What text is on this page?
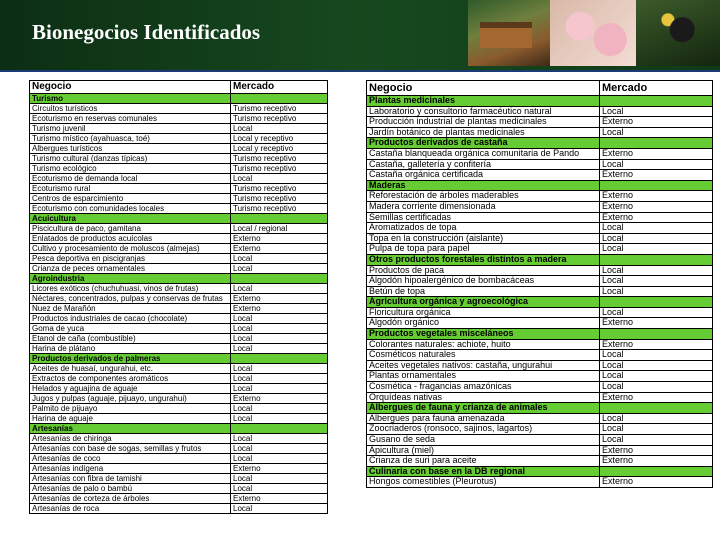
Bionegocios Identificados
Negocio	Mercado
Turismo	
Circuitos turísticos	Turismo receptivo
Ecoturismo en reservas comunales	Turismo receptivo
Turismo juvenil	Local
Turismo místico (ayahuasca, toé)	Local y receptivo
Albergues turísticos	Local y receptivo
Turismo cultural (danzas típicas)	Turismo receptivo
Turismo ecológico	Turismo receptivo
Ecoturismo de demanda local	Local
Ecoturismo rural	Turismo receptivo
Centros de esparcimiento	Turismo receptivo
Ecoturismo con comunidades locales	Turismo receptivo
Acuicultura	
Piscicultura de paco, gamitana	Local / regional
Enlatados de productos acuícolas	Externo
Cultivo y procesamiento de moluscos (almejas)	Externo
Pesca deportiva en piscigranjas	Local
Crianza de peces ornamentales	Local
Agroindustria	
Licores exóticos (chuchuhuasi, vinos de frutas)	Local
Néctares, concentrados, pulpas y conservas de frutas	Externo
Nuez de Marañón	Externo
Productos industriales de cacao (chocolate)	Local
Goma de yuca	Local
Etanol de caña (combustible)	Local
Harina de plátano	Local
Productos derivados de palmeras	
Aceites de huasaí, ungurahui, etc.	Local
Extractos de componentes aromáticos	Local
Helados y aguajina de aguaje	Local
Jugos y pulpas (aguaje, pijuayo, ungurahui)	Externo
Palmito de pijuayo	Local
Harina de aguaje	Local
Artesanías	
Artesanías de chiringa	Local
Artesanías con base de sogas, semillas y frutos	Local
Artesanías de coco	Local
Artesanías indígena	Externo
Artesanías con fibra de tamishi	Local
Artesanías de palo o bambú	Local
Artesanías de corteza de árboles	Externo
Artesanías de roca	Local
Negocio	Mercado
Plantas medicinales	
Laboratorio y consultorio farmacéutico natural	Local
Producción industrial de plantas medicinales	Externo
Jardín botánico de plantas medicinales	Local
Productos derivados de castaña	
Castaña blanqueada orgánica comunitaria de Pando	Externo
Castaña, galletería y confitería	Local
Castaña orgánica certificada	Externo
Maderas	
Reforestación de árboles maderables	Externo
Madera corriente dimensionada	Externo
Semillas certificadas	Externo
Aromatizados de topa	Local
Topa en la construcción (aislante)	Local
Pulpa de topa para papel	Local
Otros productos forestales distintos a madera	
Productos de paca	Local
Algodón hipoalergénico de bombacáceas	Local
Betún de topa	Local
Agricultura orgánica y agroecológica	
Floricultura orgánica	Local
Algodón orgánico	Externo
Productos vegetales misceláneos	
Colorantes naturales: achiote, huito	Externo
Cosméticos naturales	Local
Aceites vegetales nativos: castaña, ungurahui	Local
Plantas ornamentales	Local
Cosmética - fragancias amazónicas	Local
Orquídeas nativas	Externo
Albergues de fauna y crianza de animales	
Albergues para fauna amenazada	Local
Zoocriaderos (ronsoco, sajinos, lagartos)	Local
Gusano de seda	Local
Apicultura (miel)	Externo
Crianza de suri para aceite	Externo
Culinaria con base en la DB regional	
Hongos comestibles (Pleurotus)	Externo
